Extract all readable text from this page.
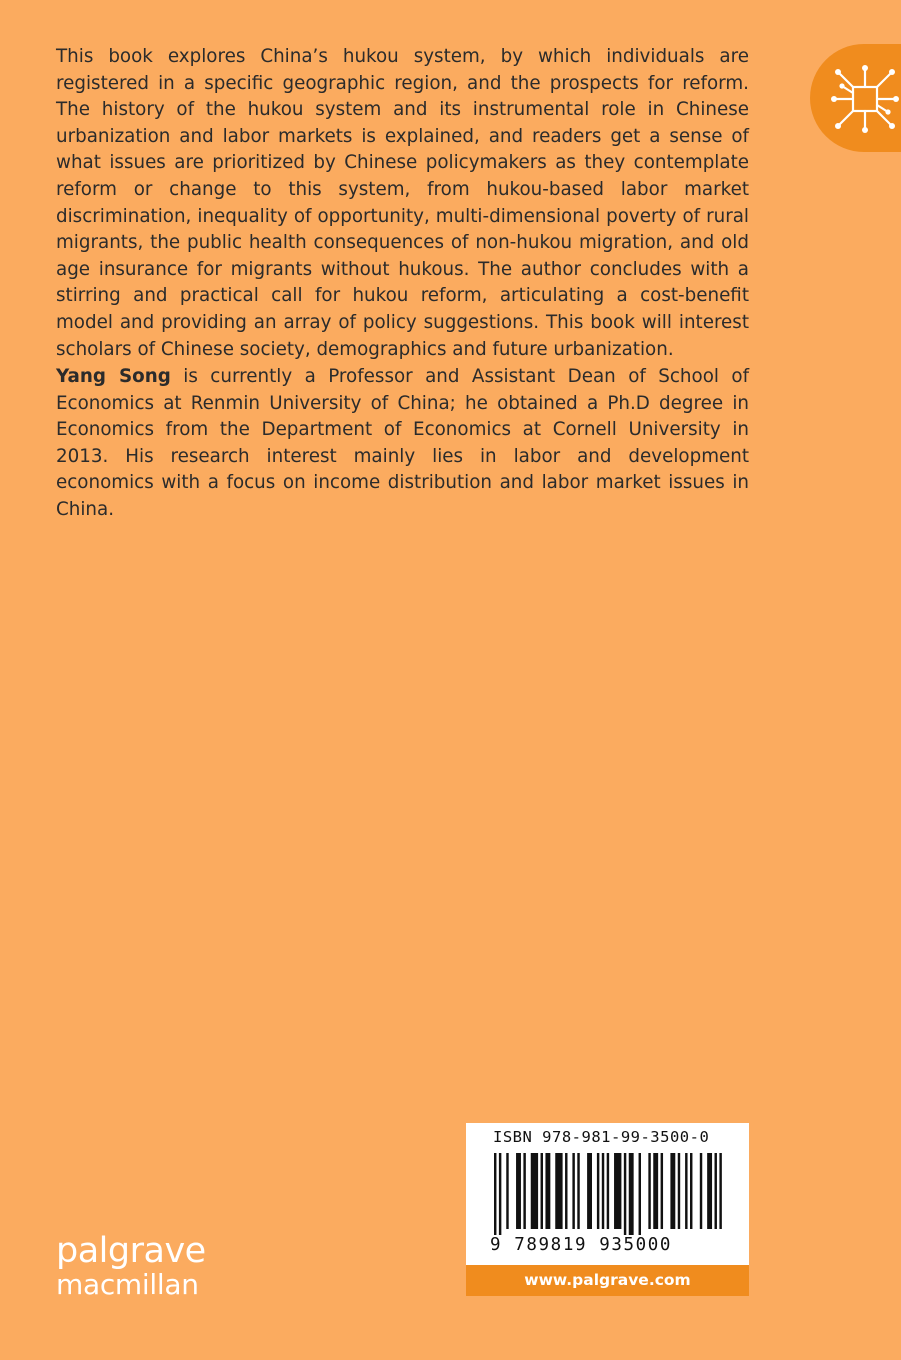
This book explores China’s hukou system, by which individuals are registered in a specific geographic region, and the prospects for reform. The history of the hukou system and its instrumental role in Chinese urbanization and labor markets is explained, and readers get a sense of what issues are prioritized by Chinese policymakers as they contemplate reform or change to this system, from hukou-based labor market discrimination, inequality of opportunity, multi-dimensional poverty of rural migrants, the public health consequences of non-hukou migration, and old age insurance for migrants without hukous. The author concludes with a stirring and practical call for hukou reform, articulating a cost-benefit model and providing an array of policy suggestions. This book will interest scholars of Chinese society, demographics and future urbanization.

Yang Song is currently a Professor and Assistant Dean of School of Economics at Renmin University of China; he obtained a Ph.D degree in Economics from the Department of Economics at Cornell University in 2013. His research interest mainly lies in labor and development economics with a focus on income distribution and labor market issues in China.

ISBN 978-981-99-3500-0
9 789819 935000
www.palgrave.com
palgrave
macmillan
